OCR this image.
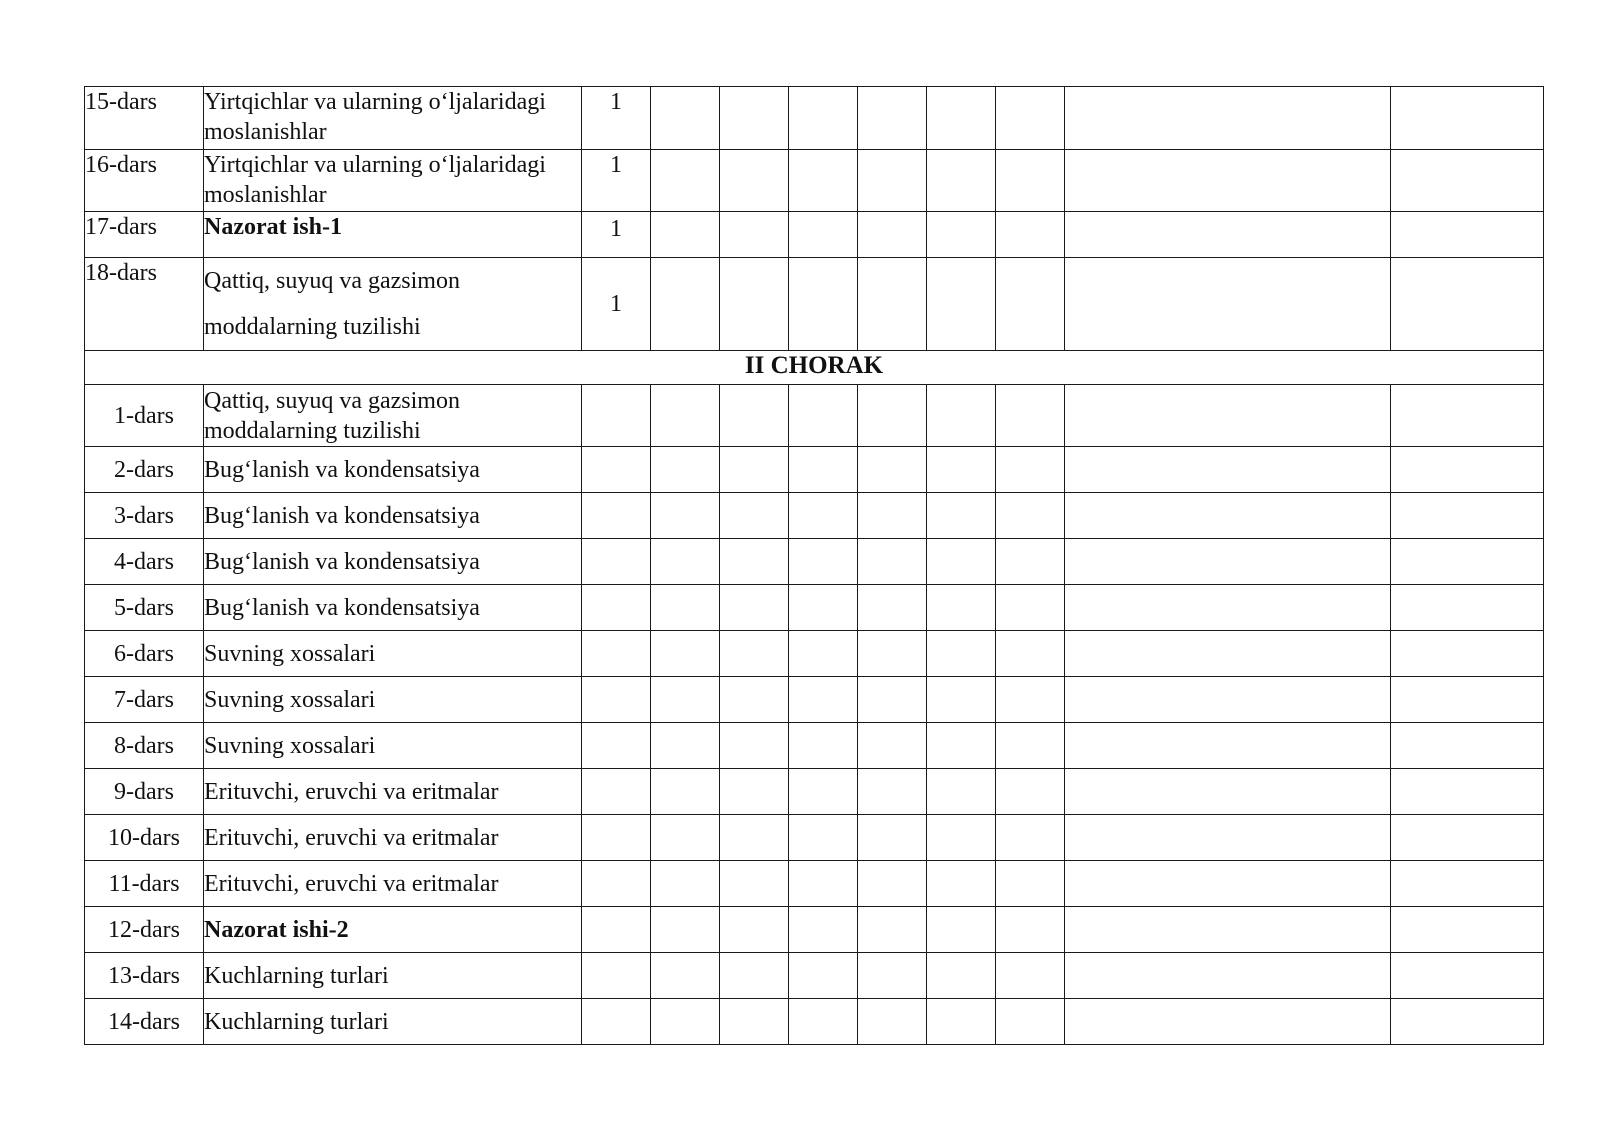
15-dars	Yirtqichlar va ularning o‘ljalaridagi moslanishlar	1								
16-dars	Yirtqichlar va ularning o‘ljalaridagi moslanishlar	1								
17-dars	Nazorat ish-1	1								
18-dars	Qattiq, suyuq va gazsimon moddalarning tuzilishi	1								
II CHORAK										
1-dars	Qattiq, suyuq va gazsimon moddalarning tuzilishi									
2-dars	Bug‘lanish va kondensatsiya									
3-dars	Bug‘lanish va kondensatsiya									
4-dars	Bug‘lanish va kondensatsiya									
5-dars	Bug‘lanish va kondensatsiya									
6-dars	Suvning xossalari									
7-dars	Suvning xossalari									
8-dars	Suvning xossalari									
9-dars	Erituvchi, eruvchi va eritmalar									
10-dars	Erituvchi, eruvchi va eritmalar									
11-dars	Erituvchi, eruvchi va eritmalar									
12-dars	Nazorat ishi-2									
13-dars	Kuchlarning turlari									
14-dars	Kuchlarning turlari									
